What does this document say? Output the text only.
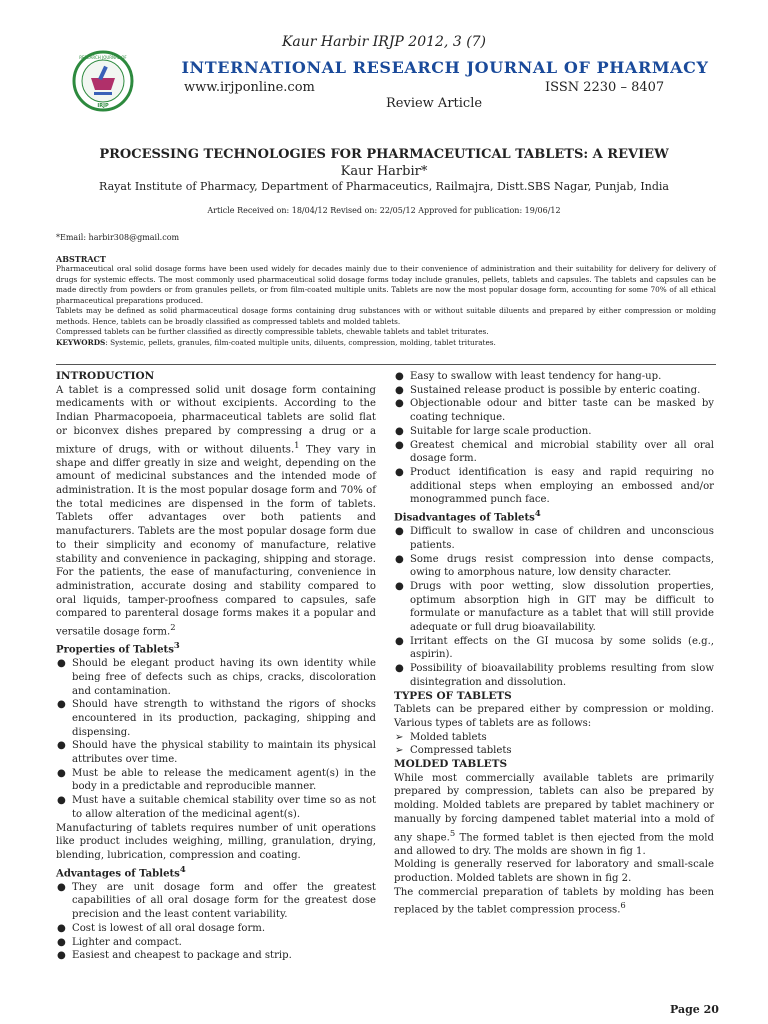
Kaur Harbir IRJP 2012, 3 (7)
RESEARCH JOURNAL OF
IRJP
INTERNATIONAL RESEARCH JOURNAL OF PHARMACY
www.irjponline.com	ISSN 2230 – 8407
Review Article
PROCESSING TECHNOLOGIES FOR PHARMACEUTICAL TABLETS: A REVIEW
Kaur Harbir*
Rayat Institute of Pharmacy, Department of Pharmaceutics, Railmajra, Distt.SBS Nagar, Punjab, India
Article Received on: 18/04/12 Revised on: 22/05/12 Approved for publication: 19/06/12
*Email: harbir308@gmail.com
ABSTRACT

Pharmaceutical oral solid dosage forms have been used widely for decades mainly due to their convenience of administration and their suitability for delivery for delivery of drugs for systemic effects. The most commonly used pharmaceutical solid dosage forms today include granules, pellets, tablets and capsules. The tablets and capsules can be made directly from powders or from granules pellets, or from film-coated multiple units. Tablets are now the most popular dosage form, accounting for some 70% of all ethical pharmaceutical preparations produced.

Tablets may be defined as solid pharmaceutical dosage forms containing drug substances with or without suitable diluents and prepared by either compression or molding methods. Hence, tablets can be broadly classified as compressed tablets and molded tablets.

Compressed tablets can be further classified as directly compressible tablets, chewable tablets and tablet triturates.

KEYWORDS: Systemic, pellets, granules, film-coated multiple units, diluents, compression, molding, tablet triturates.

INTRODUCTION

A tablet is a compressed solid unit dosage form containing medicaments with or without excipients. According to the Indian Pharmacopoeia, pharmaceutical tablets are solid flat or biconvex dishes prepared by compressing a drug or a mixture of drugs, with or without diluents.$^1$ They vary in shape and differ greatly in size and weight, depending on the amount of medicinal substances and the intended mode of administration. It is the most popular dosage form and 70% of the total medicines are dispensed in the form of tablets. Tablets offer advantages over both patients and manufacturers. Tablets are the most popular dosage form due to their simplicity and economy of manufacture, relative stability and convenience in packaging, shipping and storage. For the patients, the ease of manufacturing, convenience in administration, accurate dosing and stability compared to oral liquids, tamper-proofness compared to capsules, safe compared to parenteral dosage forms makes it a popular and versatile dosage form.$^2$

Properties of Tablets$^3$
● Should be elegant product having its own identity while being free of defects such as chips, cracks, discoloration and contamination.
● Should have strength to withstand the rigors of shocks encountered in its production, packaging, shipping and dispensing.
● Should have the physical stability to maintain its physical attributes over time.
● Must be able to release the medicament agent(s) in the body in a predictable and reproducible manner.
● Must have a suitable chemical stability over time so as not to allow alteration of the medicinal agent(s).

Manufacturing of tablets requires number of unit operations like product includes weighing, milling, granulation, drying, blending, lubrication, compression and coating.

Advantages of Tablets$^4$
● They are unit dosage form and offer the greatest capabilities of all oral dosage form for the greatest dose precision and the least content variability.
● Cost is lowest of all oral dosage form.
● Lighter and compact.
● Easiest and cheapest to package and strip.
● Easy to swallow with least tendency for hang-up.
● Sustained release product is possible by enteric coating.
● Objectionable odour and bitter taste can be masked by coating technique.
● Suitable for large scale production.
● Greatest chemical and microbial stability over all oral dosage form.
● Product identification is easy and rapid requiring no additional steps when employing an embossed and/or monogrammed punch face.
Disadvantages of Tablets$^4$
● Difficult to swallow in case of children and unconscious patients.
● Some drugs resist compression into dense compacts, owing to amorphous nature, low density character.
● Drugs with poor wetting, slow dissolution properties, optimum absorption high in GIT may be difficult to formulate or manufacture as a tablet that will still provide adequate or full drug bioavailability.
● Irritant effects on the GI mucosa by some solids (e.g., aspirin).
● Possibility of bioavailability problems resulting from slow disintegration and dissolution.
TYPES OF TABLETS

Tablets can be prepared either by compression or molding. Various types of tablets are as follows:

➢ Molded tablets
➢ Compressed tablets
MOLDED TABLETS

While most commercially available tablets are primarily prepared by compression, tablets can also be prepared by molding. Molded tablets are prepared by tablet machinery or manually by forcing dampened tablet material into a mold of any shape.$^5$ The formed tablet is then ejected from the mold and allowed to dry. The molds are shown in fig 1.

Molding is generally reserved for laboratory and small-scale production. Molded tablets are shown in fig 2.

The commercial preparation of tablets by molding has been replaced by the tablet compression process.$^6$

Page 20
